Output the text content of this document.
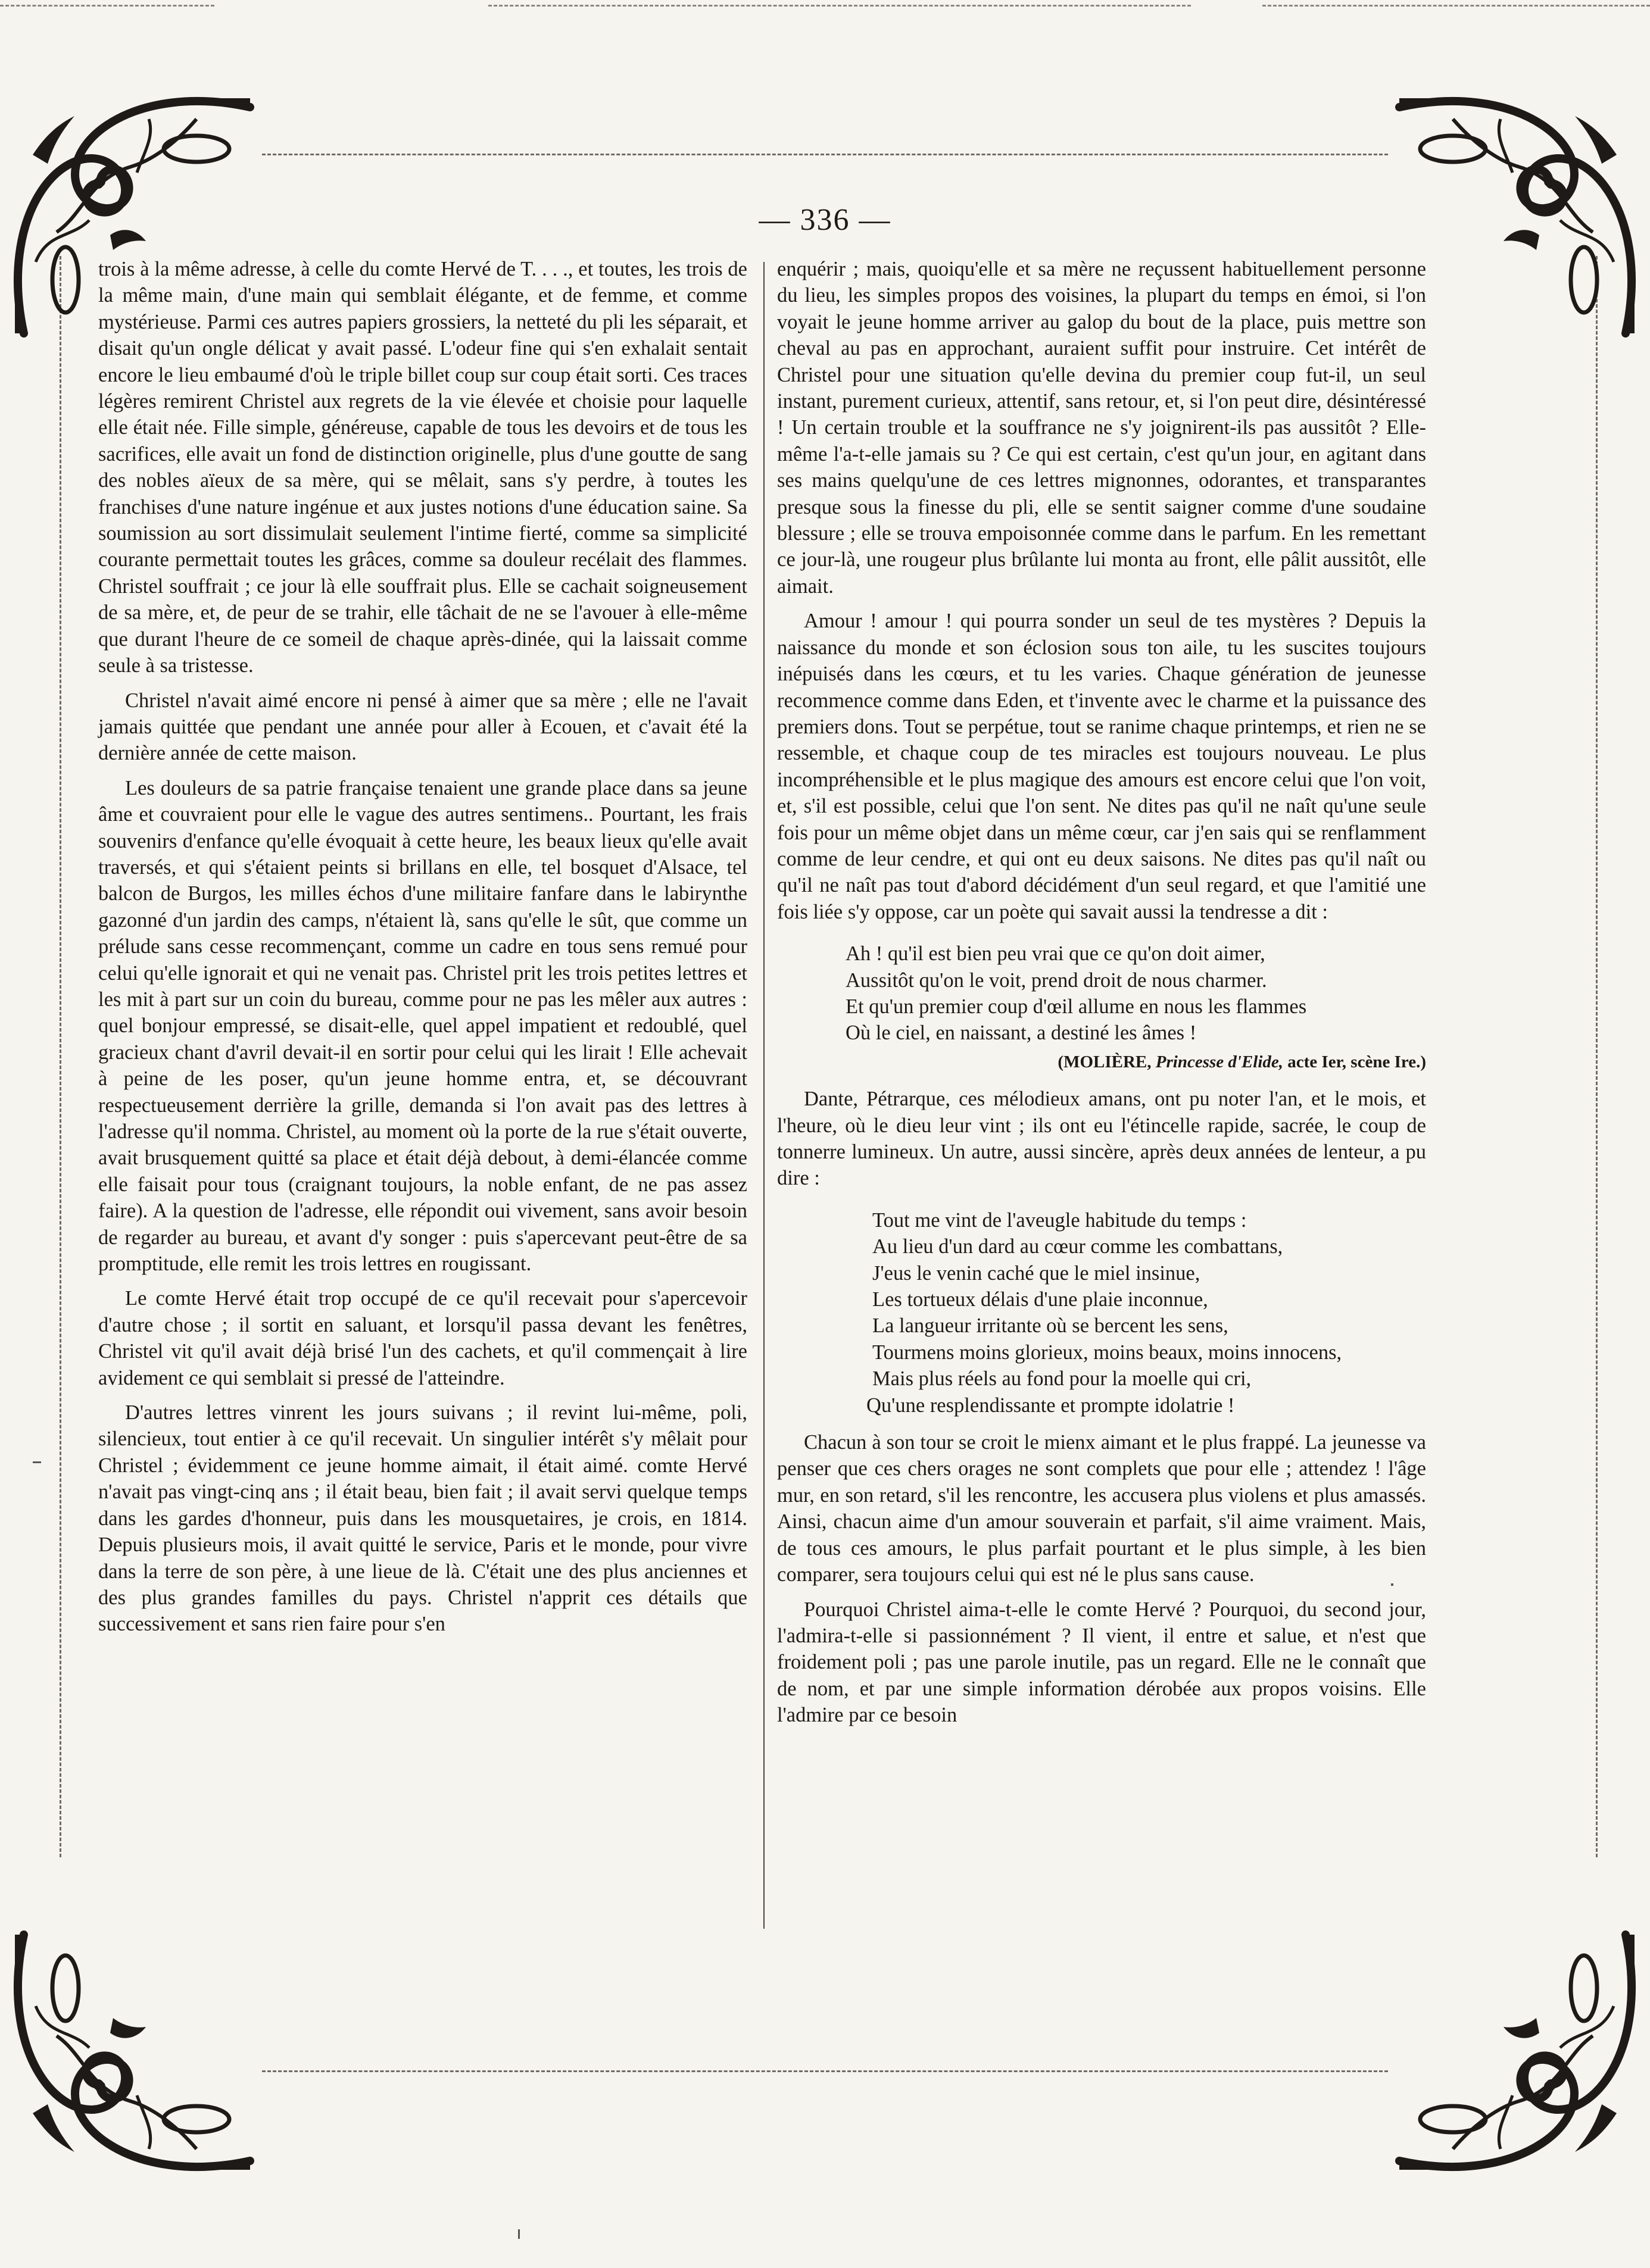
— 336 —

trois à la même adresse, à celle du comte Hervé de T. . . ., et toutes, les trois de la même main, d'une main qui semblait élégante, et de femme, et comme mystérieuse. Parmi ces autres papiers grossiers, la netteté du pli les séparait, et disait qu'un ongle délicat y avait passé. L'odeur fine qui s'en exhalait sentait encore le lieu embaumé d'où le triple billet coup sur coup était sorti. Ces traces légères remirent Christel aux regrets de la vie élevée et choisie pour laquelle elle était née. Fille simple, généreuse, capable de tous les devoirs et de tous les sacrifices, elle avait un fond de distinction originelle, plus d'une goutte de sang des nobles aïeux de sa mère, qui se mêlait, sans s'y perdre, à toutes les franchises d'une nature ingénue et aux justes notions d'une éducation saine. Sa soumission au sort dissimulait seulement l'intime fierté, comme sa simplicité courante permettait toutes les grâces, comme sa douleur recélait des flammes. Christel souffrait ; ce jour là elle souffrait plus. Elle se cachait soigneusement de sa mère, et, de peur de se trahir, elle tâchait de ne se l'avouer à elle-même que durant l'heure de ce someil de chaque après-dinée, qui la laissait comme seule à sa tristesse.

Christel n'avait aimé encore ni pensé à aimer que sa mère ; elle ne l'avait jamais quittée que pendant une année pour aller à Ecouen, et c'avait été la dernière année de cette maison.

Les douleurs de sa patrie française tenaient une grande place dans sa jeune âme et couvraient pour elle le vague des autres sentimens.. Pourtant, les frais souvenirs d'enfance qu'elle évoquait à cette heure, les beaux lieux qu'elle avait traversés, et qui s'étaient peints si brillans en elle, tel bosquet d'Alsace, tel balcon de Burgos, les milles échos d'une militaire fanfare dans le labirynthe gazonné d'un jardin des camps, n'étaient là, sans qu'elle le sût, que comme un prélude sans cesse recommençant, comme un cadre en tous sens remué pour celui qu'elle ignorait et qui ne venait pas. Christel prit les trois petites lettres et les mit à part sur un coin du bureau, comme pour ne pas les mêler aux autres : quel bonjour empressé, se disait-elle, quel appel impatient et redoublé, quel gracieux chant d'avril devait-il en sortir pour celui qui les lirait ! Elle achevait à peine de les poser, qu'un jeune homme entra, et, se découvrant respectueusement derrière la grille, demanda si l'on avait pas des lettres à l'adresse qu'il nomma. Christel, au moment où la porte de la rue s'était ouverte, avait brusquement quitté sa place et était déjà debout, à demi-élancée comme elle faisait pour tous (craignant toujours, la noble enfant, de ne pas assez faire). A la question de l'adresse, elle répondit oui vivement, sans avoir besoin de regarder au bureau, et avant d'y songer : puis s'apercevant peut-être de sa promptitude, elle remit les trois lettres en rougissant.

Le comte Hervé était trop occupé de ce qu'il recevait pour s'apercevoir d'autre chose ; il sortit en saluant, et lorsqu'il passa devant les fenêtres, Christel vit qu'il avait déjà brisé l'un des cachets, et qu'il commençait à lire avidement ce qui semblait si pressé de l'atteindre.

D'autres lettres vinrent les jours suivans ; il revint lui-même, poli, silencieux, tout entier à ce qu'il recevait. Un singulier intérêt s'y mêlait pour Christel ; évidemment ce jeune homme aimait, il était aimé. comte Hervé n'avait pas vingt-cinq ans ; il était beau, bien fait ; il avait servi quelque temps dans les gardes d'honneur, puis dans les mousquetaires, je crois, en 1814. Depuis plusieurs mois, il avait quitté le service, Paris et le monde, pour vivre dans la terre de son père, à une lieue de là. C'était une des plus anciennes et des plus grandes familles du pays. Christel n'apprit ces détails que successivement et sans rien faire pour s'en

enquérir ; mais, quoiqu'elle et sa mère ne reçussent habituellement personne du lieu, les simples propos des voisines, la plupart du temps en émoi, si l'on voyait le jeune homme arriver au galop du bout de la place, puis mettre son cheval au pas en approchant, auraient suffit pour instruire. Cet intérêt de Christel pour une situation qu'elle devina du premier coup fut-il, un seul instant, purement curieux, attentif, sans retour, et, si l'on peut dire, désintéressé ! Un certain trouble et la souffrance ne s'y joignirent-ils pas aussitôt ? Elle-même l'a-t-elle jamais su ? Ce qui est certain, c'est qu'un jour, en agitant dans ses mains quelqu'une de ces lettres mignonnes, odorantes, et transparantes presque sous la finesse du pli, elle se sentit saigner comme d'une soudaine blessure ; elle se trouva empoisonnée comme dans le parfum. En les remettant ce jour-là, une rougeur plus brûlante lui monta au front, elle pâlit aussitôt, elle aimait.

Amour ! amour ! qui pourra sonder un seul de tes mystères ? Depuis la naissance du monde et son éclosion sous ton aile, tu les suscites toujours inépuisés dans les cœurs, et tu les varies. Chaque génération de jeunesse recommence comme dans Eden, et t'invente avec le charme et la puissance des premiers dons. Tout se perpétue, tout se ranime chaque printemps, et rien ne se ressemble, et chaque coup de tes miracles est toujours nouveau. Le plus incompréhensible et le plus magique des amours est encore celui que l'on voit, et, s'il est possible, celui que l'on sent. Ne dites pas qu'il ne naît qu'une seule fois pour un même objet dans un même cœur, car j'en sais qui se renflamment comme de leur cendre, et qui ont eu deux saisons. Ne dites pas qu'il naît ou qu'il ne naît pas tout d'abord décidément d'un seul regard, et que l'amitié une fois liée s'y oppose, car un poète qui savait aussi la tendresse a dit :

Ah ! qu'il est bien peu vrai que ce qu'on doit aimer,
Aussitôt qu'on le voit, prend droit de nous charmer.
Et qu'un premier coup d'œil allume en nous les flammes
Où le ciel, en naissant, a destiné les âmes !
(MOLIÈRE, Princesse d'Elide, acte Ier, scène Ire.)

Dante, Pétrarque, ces mélodieux amans, ont pu noter l'an, et le mois, et l'heure, où le dieu leur vint ; ils ont eu l'étincelle rapide, sacrée, le coup de tonnerre lumineux. Un autre, aussi sincère, après deux années de lenteur, a pu dire :

Tout me vint de l'aveugle habitude du temps :
Au lieu d'un dard au cœur comme les combattans,
J'eus le venin caché que le miel insinue,
Les tortueux délais d'une plaie inconnue,
La langueur irritante où se bercent les sens,
Tourmens moins glorieux, moins beaux, moins innocens,
Mais plus réels au fond pour la moelle qui cri,
Qu'une resplendissante et prompte idolatrie !

Chacun à son tour se croit le mienx aimant et le plus frappé. La jeunesse va penser que ces chers orages ne sont complets que pour elle ; attendez ! l'âge mur, en son retard, s'il les rencontre, les accusera plus violens et plus amassés. Ainsi, chacun aime d'un amour souverain et parfait, s'il aime vraiment. Mais, de tous ces amours, le plus parfait pourtant et le plus simple, à les bien comparer, sera toujours celui qui est né le plus sans cause.

Pourquoi Christel aima-t-elle le comte Hervé ? Pourquoi, du second jour, l'admira-t-elle si passionnément ? Il vient, il entre et salue, et n'est que froidement poli ; pas une parole inutile, pas un regard. Elle ne le connaît que de nom, et par une simple information dérobée aux propos voisins. Elle l'admire par ce besoin
